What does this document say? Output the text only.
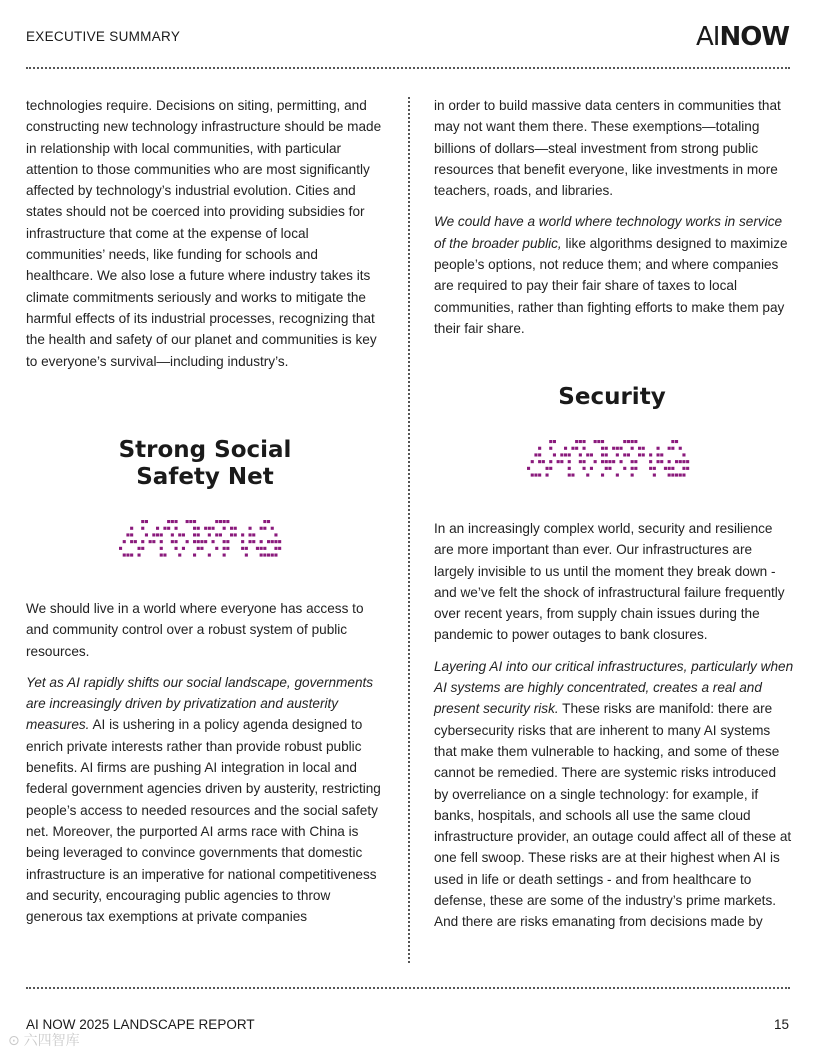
EXECUTIVE SUMMARY	AINOW

technologies require. Decisions on siting, permitting, and constructing new technology infrastructure should be made in relationship with local communities, with particular attention to those communities who are most significantly affected by technology’s industrial evolution. Cities and states should not be coerced into providing subsidies for infrastructure that come at the expense of local communities’ needs, like funding for schools and healthcare. We also lose a future where industry takes its climate commitments seriously and works to mitigate the harmful effects of its industrial processes, recognizing that the health and safety of our planet and communities is key to everyone’s survival—including industry’s.

Strong Social
Safety Net

We should live in a world where everyone has access to and community control over a robust system of public resources.

Yet as AI rapidly shifts our social landscape, governments are increasingly driven by privatization and austerity measures. AI is ushering in a policy agenda designed to enrich private interests rather than provide robust public benefits. AI firms are pushing AI integration in local and federal government agencies driven by austerity, restricting people’s access to needed resources and the social safety net. Moreover, the purported AI arms race with China is being leveraged to convince governments that domestic infrastructure is an imperative for national competitiveness and security, encouraging public agencies to throw generous tax exemptions at private companies

in order to build massive data centers in communities that may not want them there. These exemptions—totaling billions of dollars—steal investment from strong public resources that benefit everyone, like investments in more teachers, roads, and libraries.

We could have a world where technology works in service of the broader public, like algorithms designed to maximize people’s options, not reduce them; and where companies are required to pay their fair share of taxes to local communities, rather than fighting efforts to make them pay their fair share.

Security

In an increasingly complex world, security and resilience are more important than ever. Our infrastructures are largely invisible to us until the moment they break down - and we’ve felt the shock of infrastructural failure frequently over recent years, from supply chain issues during the pandemic to power outages to bank closures.

Layering AI into our critical infrastructures, particularly when AI systems are highly concentrated, creates a real and present security risk. These risks are manifold: there are cybersecurity risks that are inherent to many AI systems that make them vulnerable to hacking, and some of these cannot be remedied. There are systemic risks introduced by overreliance on a single technology: for example, if banks, hospitals, and schools all use the same cloud infrastructure provider, an outage could affect all of these at one fell swoop. These risks are at their highest when AI is used in life or death settings - and from healthcare to defense, these are some of the industry’s prime markets. And there are risks emanating from decisions made by

AI NOW 2025 LANDSCAPE REPORT	15
⊙ 六四智库
